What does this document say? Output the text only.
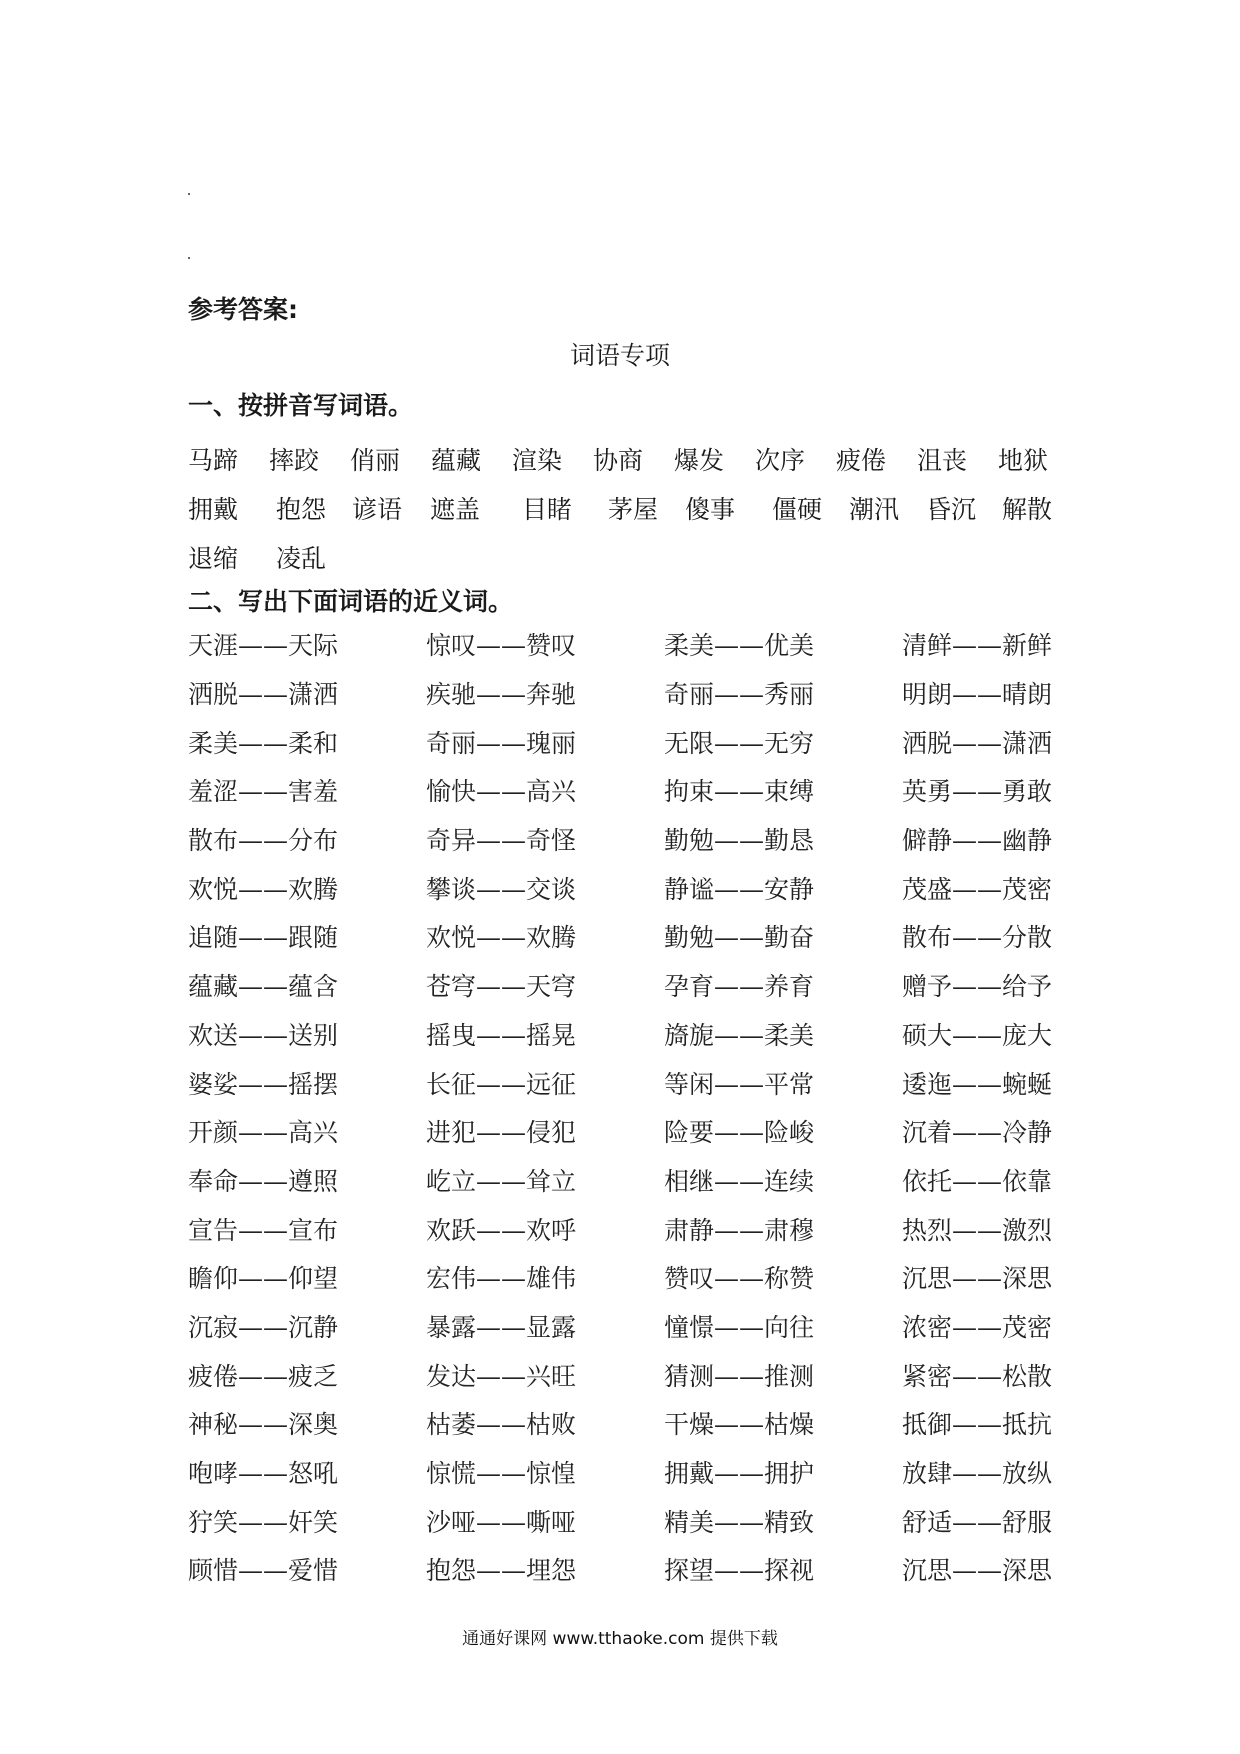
参考答案:
词语专项
一、按拼音写词语。
马蹄	摔跤	俏丽	蕴藏	渲染	协商	爆发	次序	疲倦	沮丧	地狱
拥戴	抱怨	谚语	遮盖	目睹	茅屋	傻事	僵硬	潮汛	昏沉	解散
退缩	凌乱
二、写出下面词语的近义词。
天涯——天际	惊叹——赞叹	柔美——优美	清鲜——新鲜
洒脱——潇洒	疾驰——奔驰	奇丽——秀丽	明朗——晴朗
柔美——柔和	奇丽——瑰丽	无限——无穷	洒脱——潇洒
羞涩——害羞	愉快——高兴	拘束——束缚	英勇——勇敢
散布——分布	奇异——奇怪	勤勉——勤恳	僻静——幽静
欢悦——欢腾	攀谈——交谈	静谧——安静	茂盛——茂密
追随——跟随	欢悦——欢腾	勤勉——勤奋	散布——分散
蕴藏——蕴含	苍穹——天穹	孕育——养育	赠予——给予
欢送——送别	摇曳——摇晃	旖旎——柔美	硕大——庞大
婆娑——摇摆	长征——远征	等闲——平常	逶迤——蜿蜒
开颜——高兴	进犯——侵犯	险要——险峻	沉着——冷静
奉命——遵照	屹立——耸立	相继——连续	依托——依靠
宣告——宣布	欢跃——欢呼	肃静——肃穆	热烈——激烈
瞻仰——仰望	宏伟——雄伟	赞叹——称赞	沉思——深思
沉寂——沉静	暴露——显露	憧憬——向往	浓密——茂密
疲倦——疲乏	发达——兴旺	猜测——推测	紧密——松散
神秘——深奥	枯萎——枯败	干燥——枯燥	抵御——抵抗
咆哮——怒吼	惊慌——惊惶	拥戴——拥护	放肆——放纵
狞笑——奸笑	沙哑——嘶哑	精美——精致	舒适——舒服
顾惜——爱惜	抱怨——埋怨	探望——探视	沉思——深思
通通好课网 www.tthaoke.com 提供下载
